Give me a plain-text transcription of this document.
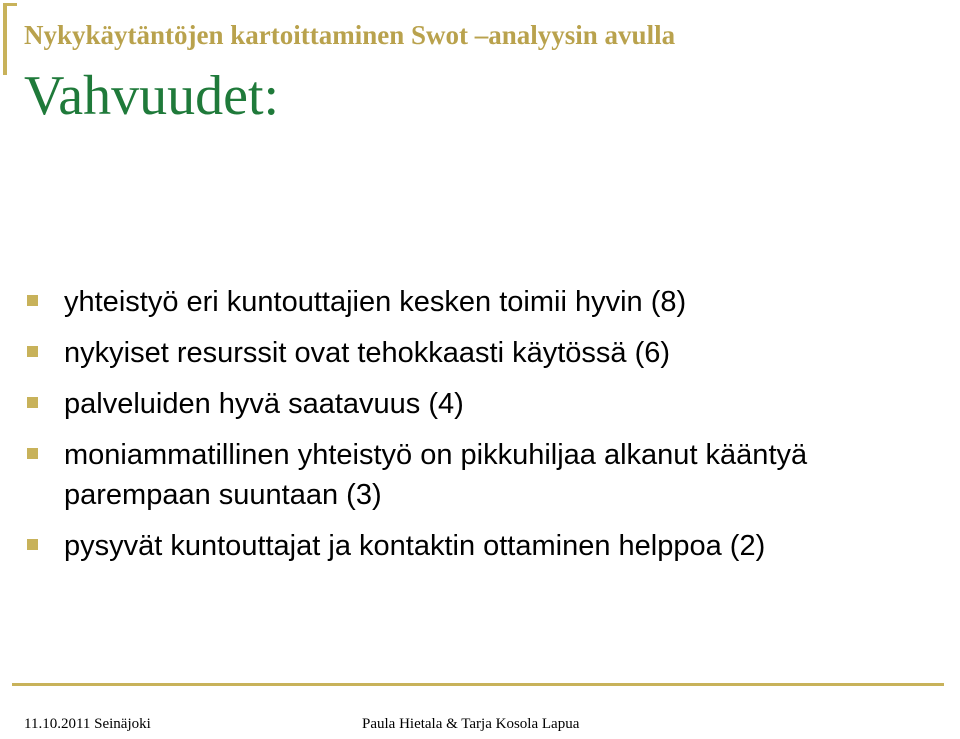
Nykykäytäntöjen kartoittaminen Swot –analyysin avulla
Vahvuudet:
yhteistyö eri kuntouttajien kesken toimii hyvin (8)
nykyiset resurssit ovat tehokkaasti käytössä (6)
palveluiden hyvä saatavuus (4)
moniammatillinen yhteistyö on pikkuhiljaa alkanut kääntyä parempaan suuntaan (3)
pysyvät kuntouttajat ja kontaktin ottaminen helppoa (2)
11.10.2011 Seinäjoki	Paula Hietala & Tarja Kosola Lapua
